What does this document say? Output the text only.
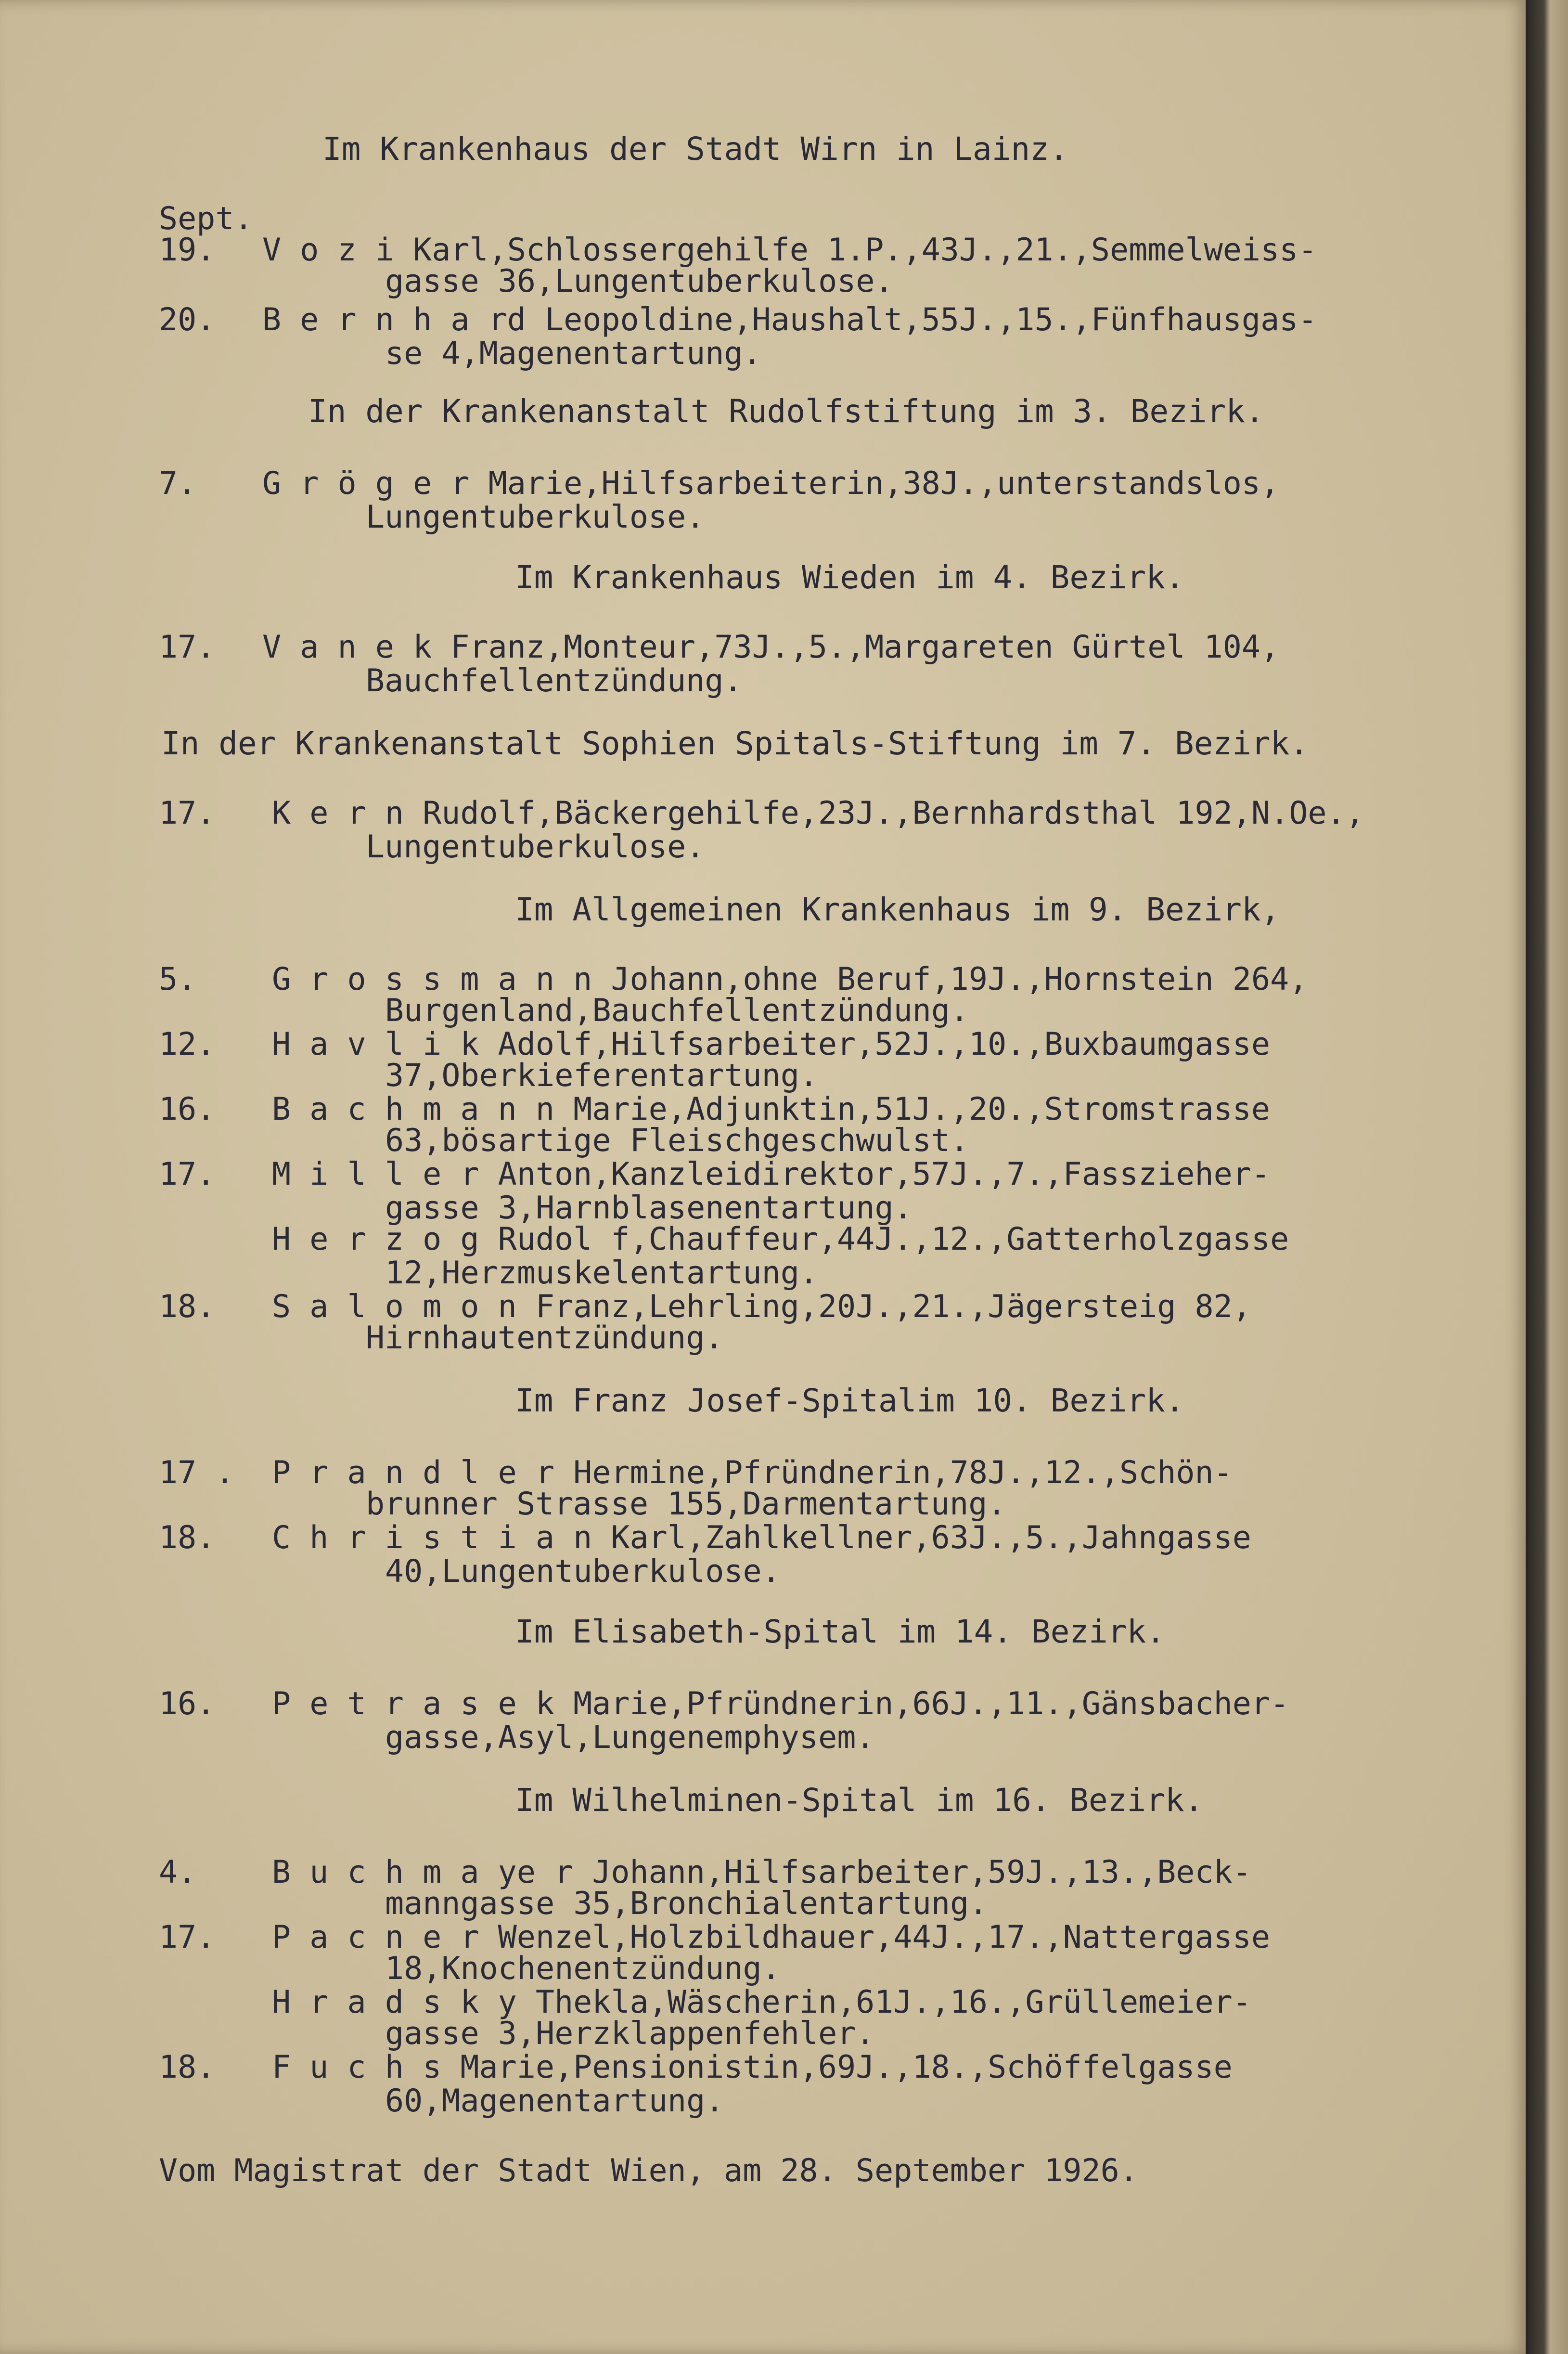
Im Krankenhaus der Stadt Wirn in Lainz.
Sept.
19. V o z i Karl,Schlossergehilfe 1.P.,43J.,21.,Semmelweiss-
gasse 36,Lungentuberkulose.
20. B e r n h a rd Leopoldine,Haushalt,55J.,15.,Fünfhausgas-
se 4,Magenentartung.
In der Krankenanstalt Rudolfstiftung im 3. Bezirk.
7. G r ö g e r Marie,Hilfsarbeiterin,38J.,unterstandslos,
Lungentuberkulose.
Im Krankenhaus Wieden im 4. Bezirk.
17. V a n e k Franz,Monteur,73J.,5.,Margareten Gürtel 104,
Bauchfellentzündung.
In der Krankenanstalt Sophien Spitals-Stiftung im 7. Bezirk.
17. K e r n Rudolf,Bäckergehilfe,23J.,Bernhardsthal 192,N.Oe.,
Lungentuberkulose.
Im Allgemeinen Krankenhaus im 9. Bezirk,
5. G r o s s m a n n Johann,ohne Beruf,19J.,Hornstein 264,
Burgenland,Bauchfellentzündung.
12. H a v l i k Adolf,Hilfsarbeiter,52J.,10.,Buxbaumgasse
37,Oberkieferentartung.
16. B a c h m a n n Marie,Adjunktin,51J.,20.,Stromstrasse
63,bösartige Fleischgeschwulst.
17. M i l l e r Anton,Kanzleidirektor,57J.,7.,Fasszieher-
gasse 3,Harnblasenentartung.
H e r z o g Rudol f,Chauffeur,44J.,12.,Gatterholzgasse
12,Herzmuskelentartung.
18. S a l o m o n Franz,Lehrling,20J.,21.,Jägersteig 82,
Hirnhautentzündung.
Im Franz Josef-Spitalim 10. Bezirk.
17 . P r a n d l e r Hermine,Pfründnerin,78J.,12.,Schön-
brunner Strasse 155,Darmentartung.
18. C h r i s t i a n Karl,Zahlkellner,63J.,5.,Jahngasse
40,Lungentuberkulose.
Im Elisabeth-Spital im 14. Bezirk.
16. P e t r a s e k Marie,Pfründnerin,66J.,11.,Gänsbacher-
gasse,Asyl,Lungenemphysem.
Im Wilhelminen-Spital im 16. Bezirk.
4. B u c h m a ye r Johann,Hilfsarbeiter,59J.,13.,Beck-
manngasse 35,Bronchialentartung.
17. P a c n e r Wenzel,Holzbildhauer,44J.,17.,Nattergasse
18,Knochenentzündung.
H r a d s k y Thekla,Wäscherin,61J.,16.,Grüllemeier-
gasse 3,Herzklappenfehler.
18. F u c h s Marie,Pensionistin,69J.,18.,Schöffelgasse
60,Magenentartung.
Vom Magistrat der Stadt Wien, am 28. September 1926.
